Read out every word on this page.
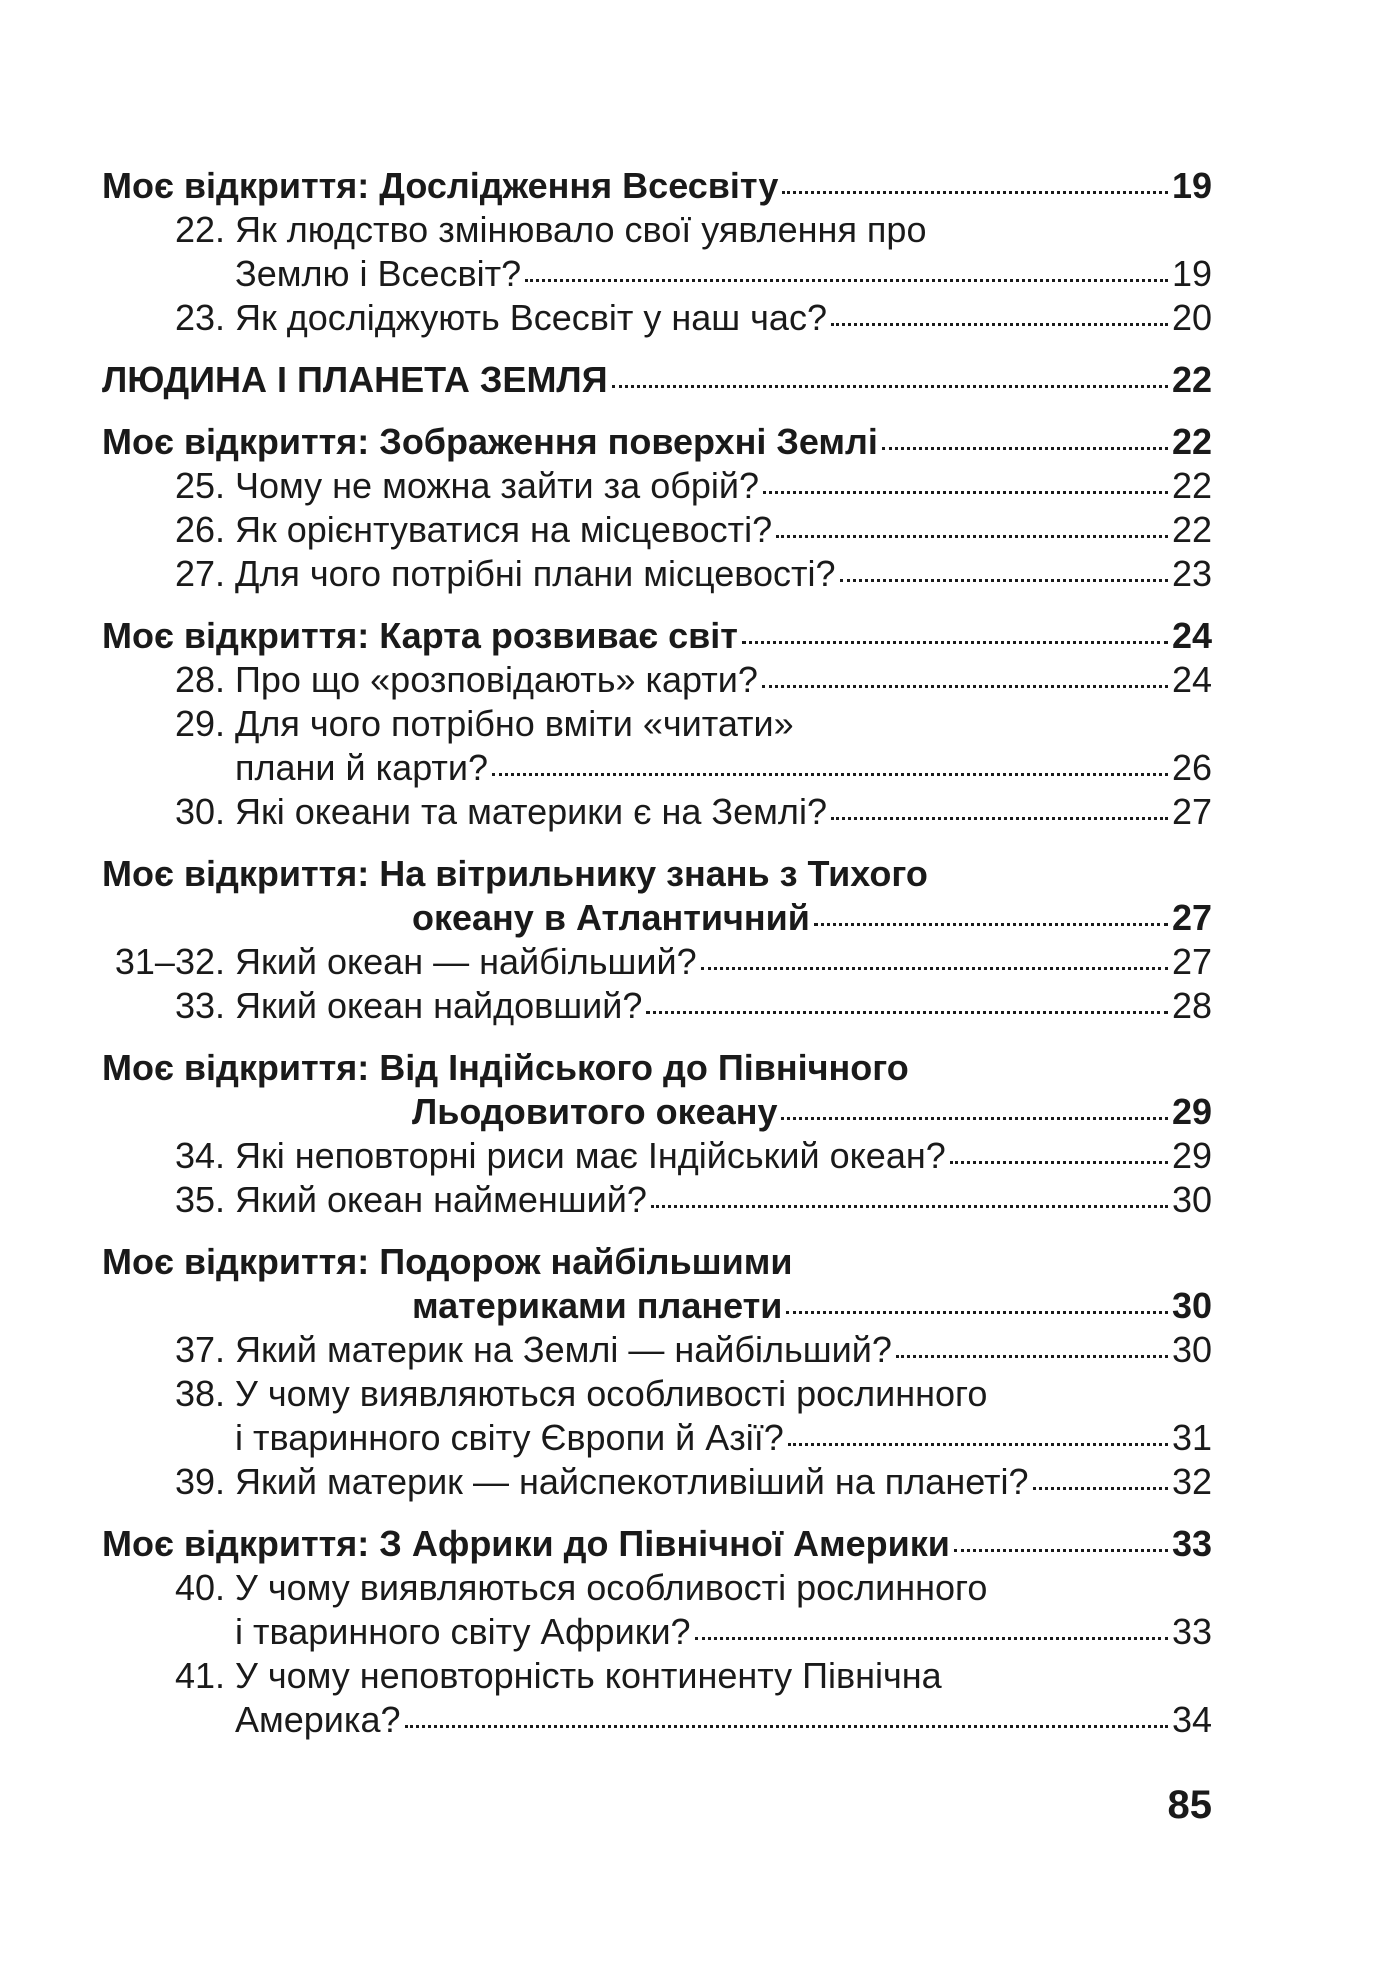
Моє відкриття:
Дослідження Всесвіту	19
22. Як людство змінювало свої уявлення про
Землю і Всесвіт?	19
23. Як досліджують Всесвіт у наш час?	20
ЛЮДИНА І ПЛАНЕТА ЗЕМЛЯ	22
Моє відкриття:
Зображення поверхні Землі	22
25. Чому не можна зайти за обрій?	22
26. Як орієнтуватися на місцевості?	22
27. Для чого потрібні плани місцевості?	23
Моє відкриття:
Карта розвиває світ	24
28. Про що «розповідають» карти?	24
29. Для чого потрібно вміти «читати»
плани й карти?	26
30. Які океани та материки є на Землі?	27
Моє відкриття:
На вітрильнику знань з Тихого
океану в Атлантичний	27
31–32. Який океан — найбільший?	27
33. Який океан найдовший?	28
Моє відкриття:
Від Індійського до Північного
Льодовитого океану	29
34. Які неповторні риси має Індійський океан?	29
35. Який океан найменший?	30
Моє відкриття:
Подорож найбільшими
материками планети	30
37. Який материк на Землі — найбільший?	30
38. У чому виявляються особливості рослинного
і тваринного світу Європи й Азії?	31
39. Який материк — найспекотливіший на планеті?	32
Моє відкриття:
З Африки до Північної Америки	33
40. У чому виявляються особливості рослинного
і тваринного світу Африки?	33
41. У чому неповторність континенту Північна
Америка?	34
85
